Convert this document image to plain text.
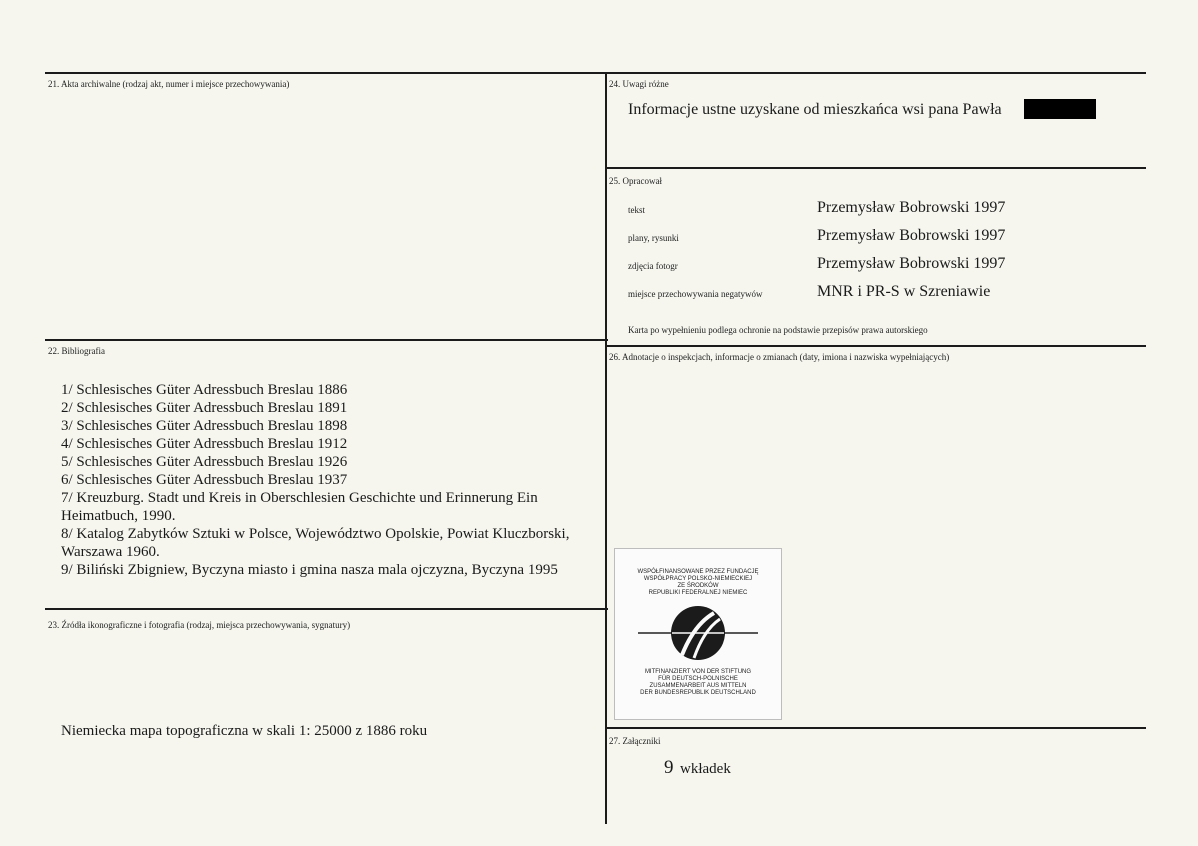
21. Akta archiwalne (rodzaj akt, numer i miejsce przechowywania)
22. Bibliografia
1/ Schlesisches Güter Adressbuch Breslau 1886
2/ Schlesisches Güter Adressbuch Breslau 1891
3/ Schlesisches Güter Adressbuch Breslau 1898
4/ Schlesisches Güter Adressbuch Breslau 1912
5/ Schlesisches Güter Adressbuch Breslau 1926
6/ Schlesisches Güter Adressbuch Breslau 1937
7/ Kreuzburg. Stadt und Kreis in Oberschlesien Geschichte und Erinnerung Ein
Heimatbuch, 1990.
8/ Katalog Zabytków Sztuki w Polsce, Województwo Opolskie, Powiat Kluczborski,
Warszawa 1960.
9/ Biliński Zbigniew, Byczyna miasto i gmina nasza mala ojczyzna, Byczyna 1995
23. Źródła ikonograficzne i fotografia (rodzaj, miejsca przechowywania, sygnatury)
Niemiecka mapa topograficzna w skali 1: 25000 z 1886 roku
24. Uwagi różne
Informacje ustne uzyskane od mieszkańca wsi pana Pawła
25. Opracował
tekst	Przemysław Bobrowski 1997
plany, rysunki	Przemysław Bobrowski 1997
zdjęcia fotogr	Przemysław Bobrowski 1997
miejsce przechowywania negatywów	MNR i PR-S w Szreniawie
Karta po wypełnieniu podlega ochronie na podstawie przepisów prawa autorskiego
26. Adnotacje o inspekcjach, informacje o zmianach (daty, imiona i nazwiska wypełniających)
WSPÓŁFINANSOWANE PRZEZ FUNDACJĘ
WSPÓŁPRACY POLSKO-NIEMIECKIEJ
ZE ŚRODKÓW
REPUBLIKI FEDERALNEJ NIEMIEC
MITFINANZIERT VON DER STIFTUNG
FÜR DEUTSCH-POLNISCHE
ZUSAMMENARBEIT AUS MITTELN
DER BUNDESREPUBLIK DEUTSCHLAND
27. Załączniki
9 wkładek
